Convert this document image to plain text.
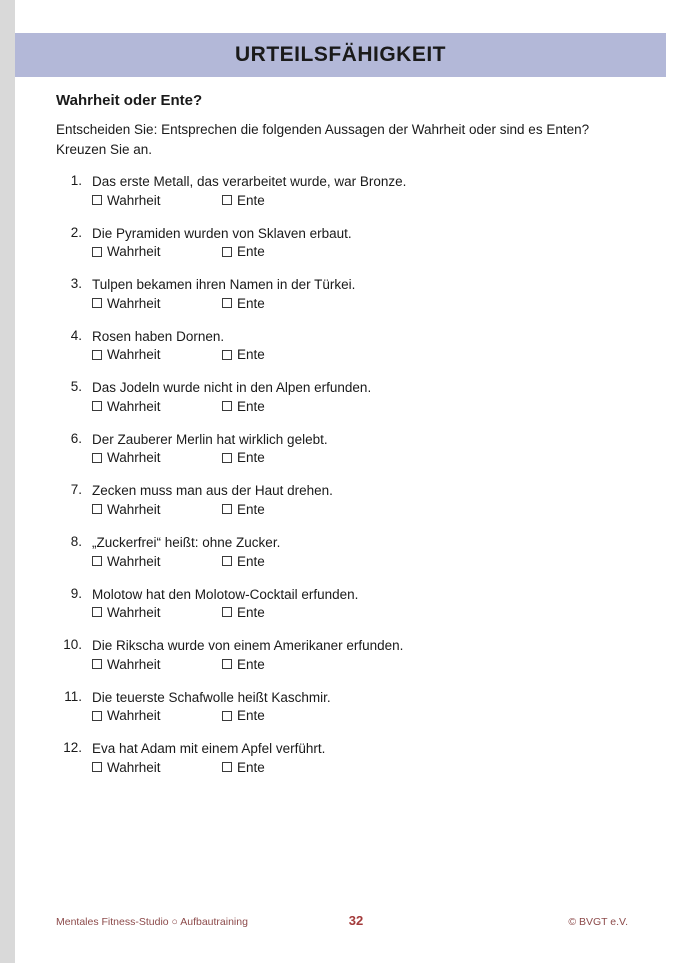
URTEILSFÄHIGKEIT
Wahrheit oder Ente?
Entscheiden Sie: Entsprechen die folgenden Aussagen der Wahrheit oder sind es Enten? Kreuzen Sie an.
1. Das erste Metall, das verarbeitet wurde, war Bronze.
Wahrheit	Ente
2. Die Pyramiden wurden von Sklaven erbaut.
Wahrheit	Ente
3. Tulpen bekamen ihren Namen in der Türkei.
Wahrheit	Ente
4. Rosen haben Dornen.
Wahrheit	Ente
5. Das Jodeln wurde nicht in den Alpen erfunden.
Wahrheit	Ente
6. Der Zauberer Merlin hat wirklich gelebt.
Wahrheit	Ente
7. Zecken muss man aus der Haut drehen.
Wahrheit	Ente
8. „Zuckerfrei“ heißt: ohne Zucker.
Wahrheit	Ente
9. Molotow hat den Molotow-Cocktail erfunden.
Wahrheit	Ente
10. Die Rikscha wurde von einem Amerikaner erfunden.
Wahrheit	Ente
11. Die teuerste Schafwolle heißt Kaschmir.
Wahrheit	Ente
12. Eva hat Adam mit einem Apfel verführt.
Wahrheit	Ente
Mentales Fitness-Studio ○ Aufbautraining	32	© BVGT e.V.
